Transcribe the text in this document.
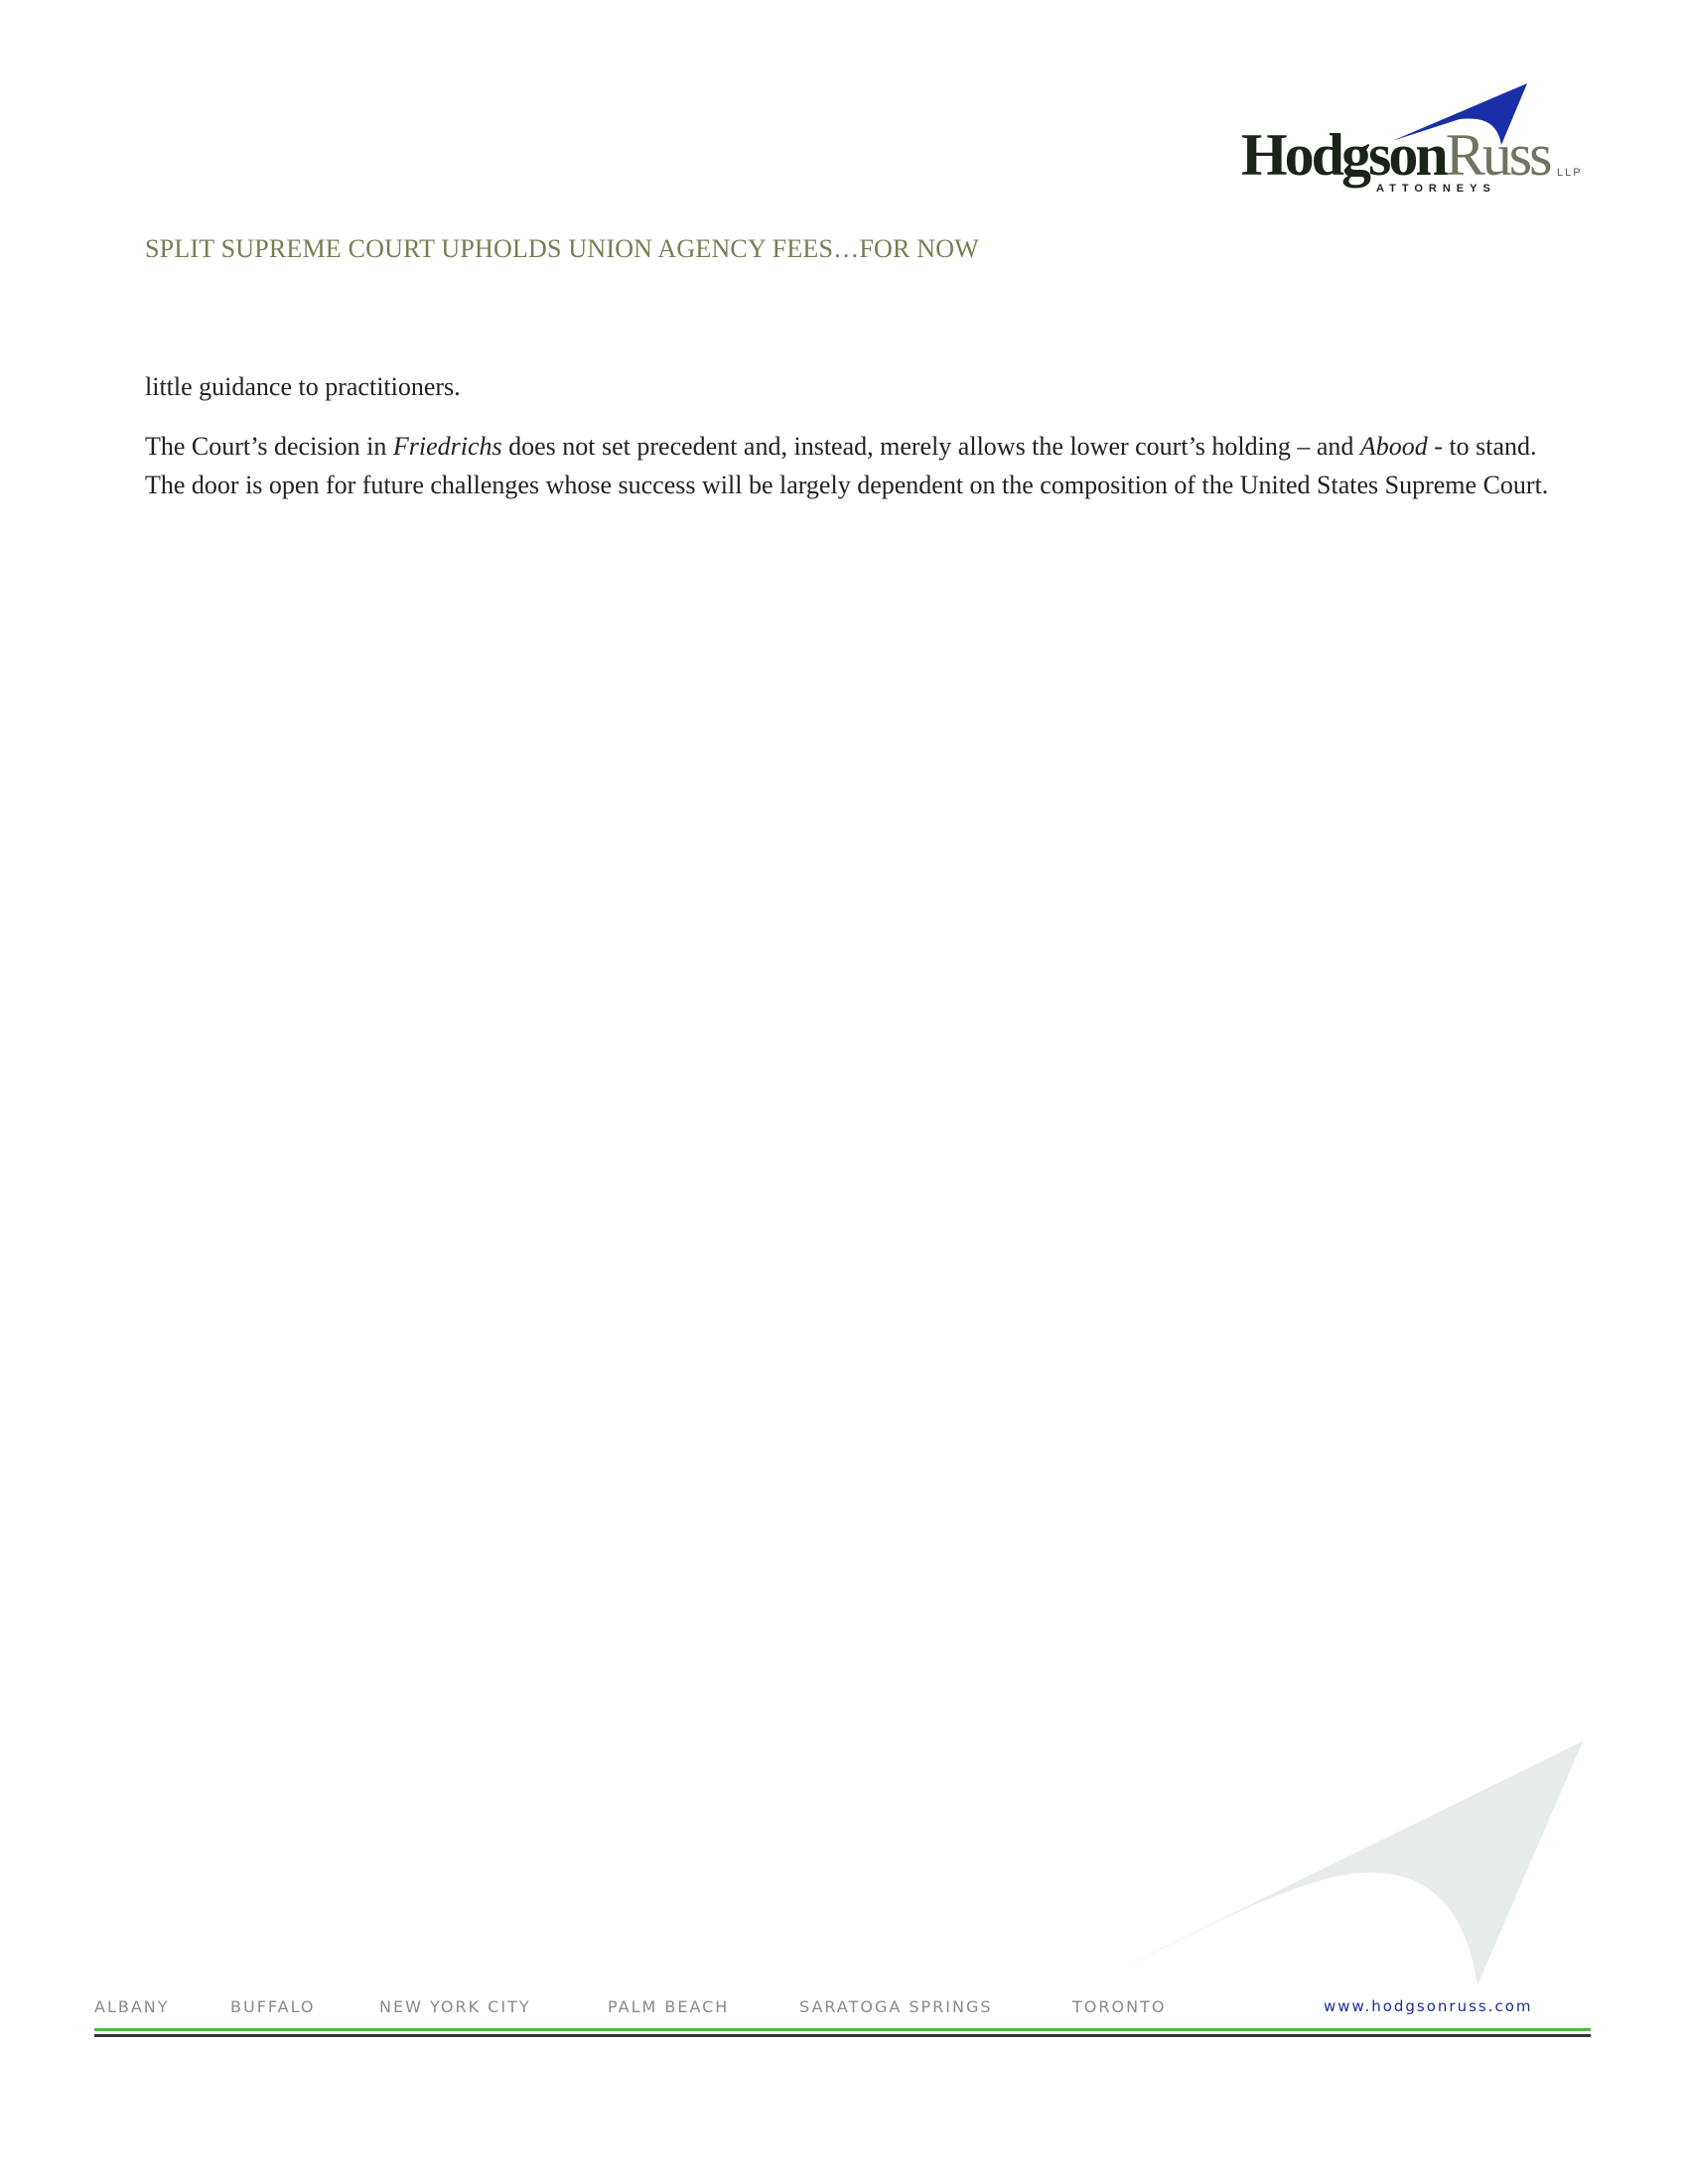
HodgsonRuss LLP
ATTORNEYS
SPLIT SUPREME COURT UPHOLDS UNION AGENCY FEES…FOR NOW

little guidance to practitioners.

The Court’s decision in Friedrichs does not set precedent and, instead, merely allows the lower court’s holding – and Abood - to stand. The door is open for future challenges whose success will be largely dependent on the composition of the United States Supreme Court.

ALBANY	BUFFALO	NEW YORK CITY	PALM BEACH	SARATOGA SPRINGS	TORONTO	www.hodgsonruss.com
